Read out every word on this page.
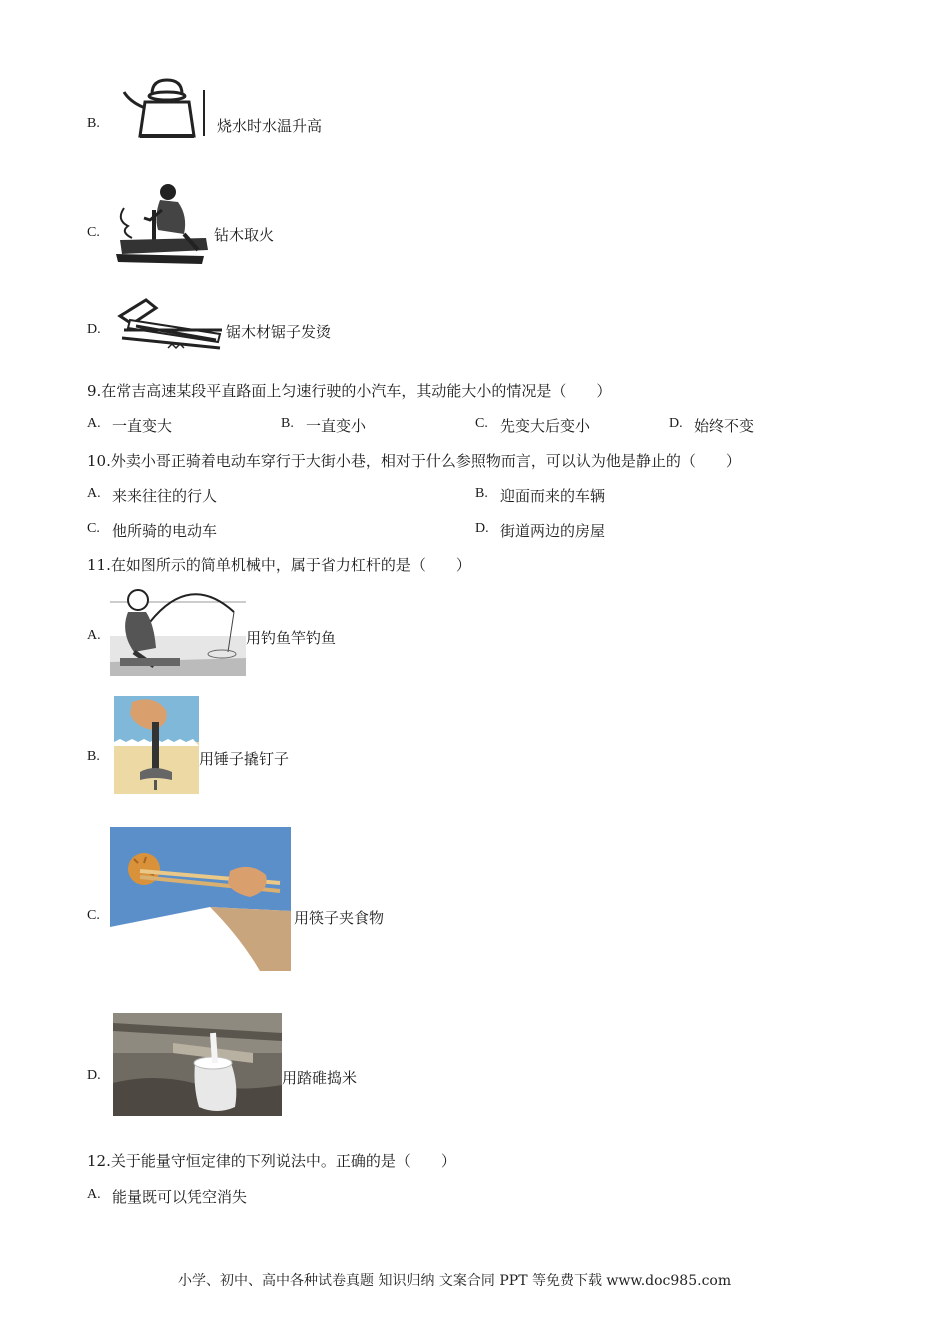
B.	烧水时水温升高
C.	钻木取火
D.	锯木材锯子发烫
9.在常吉高速某段平直路面上匀速行驶的小汽车，其动能大小的情况是（　　）
A. 一直变大	B. 一直变小	C. 先变大后变小	D. 始终不变
10.外卖小哥正骑着电动车穿行于大街小巷，相对于什么参照物而言，可以认为他是静止的（　　）
A. 来来往往的行人	B. 迎面而来的车辆
C. 他所骑的电动车	D. 街道两边的房屋
11.在如图所示的简单机械中，属于省力杠杆的是（　　）
A.	用钓鱼竿钓鱼
B.	用锤子撬钉子
C.	用筷子夹食物
D.	用踏碓捣米
12.关于能量守恒定律的下列说法中。正确的是（　　）
A. 能量既可以凭空消失
小学、初中、高中各种试卷真题 知识归纳 文案合同 PPT 等免费下载 www.doc985.com
